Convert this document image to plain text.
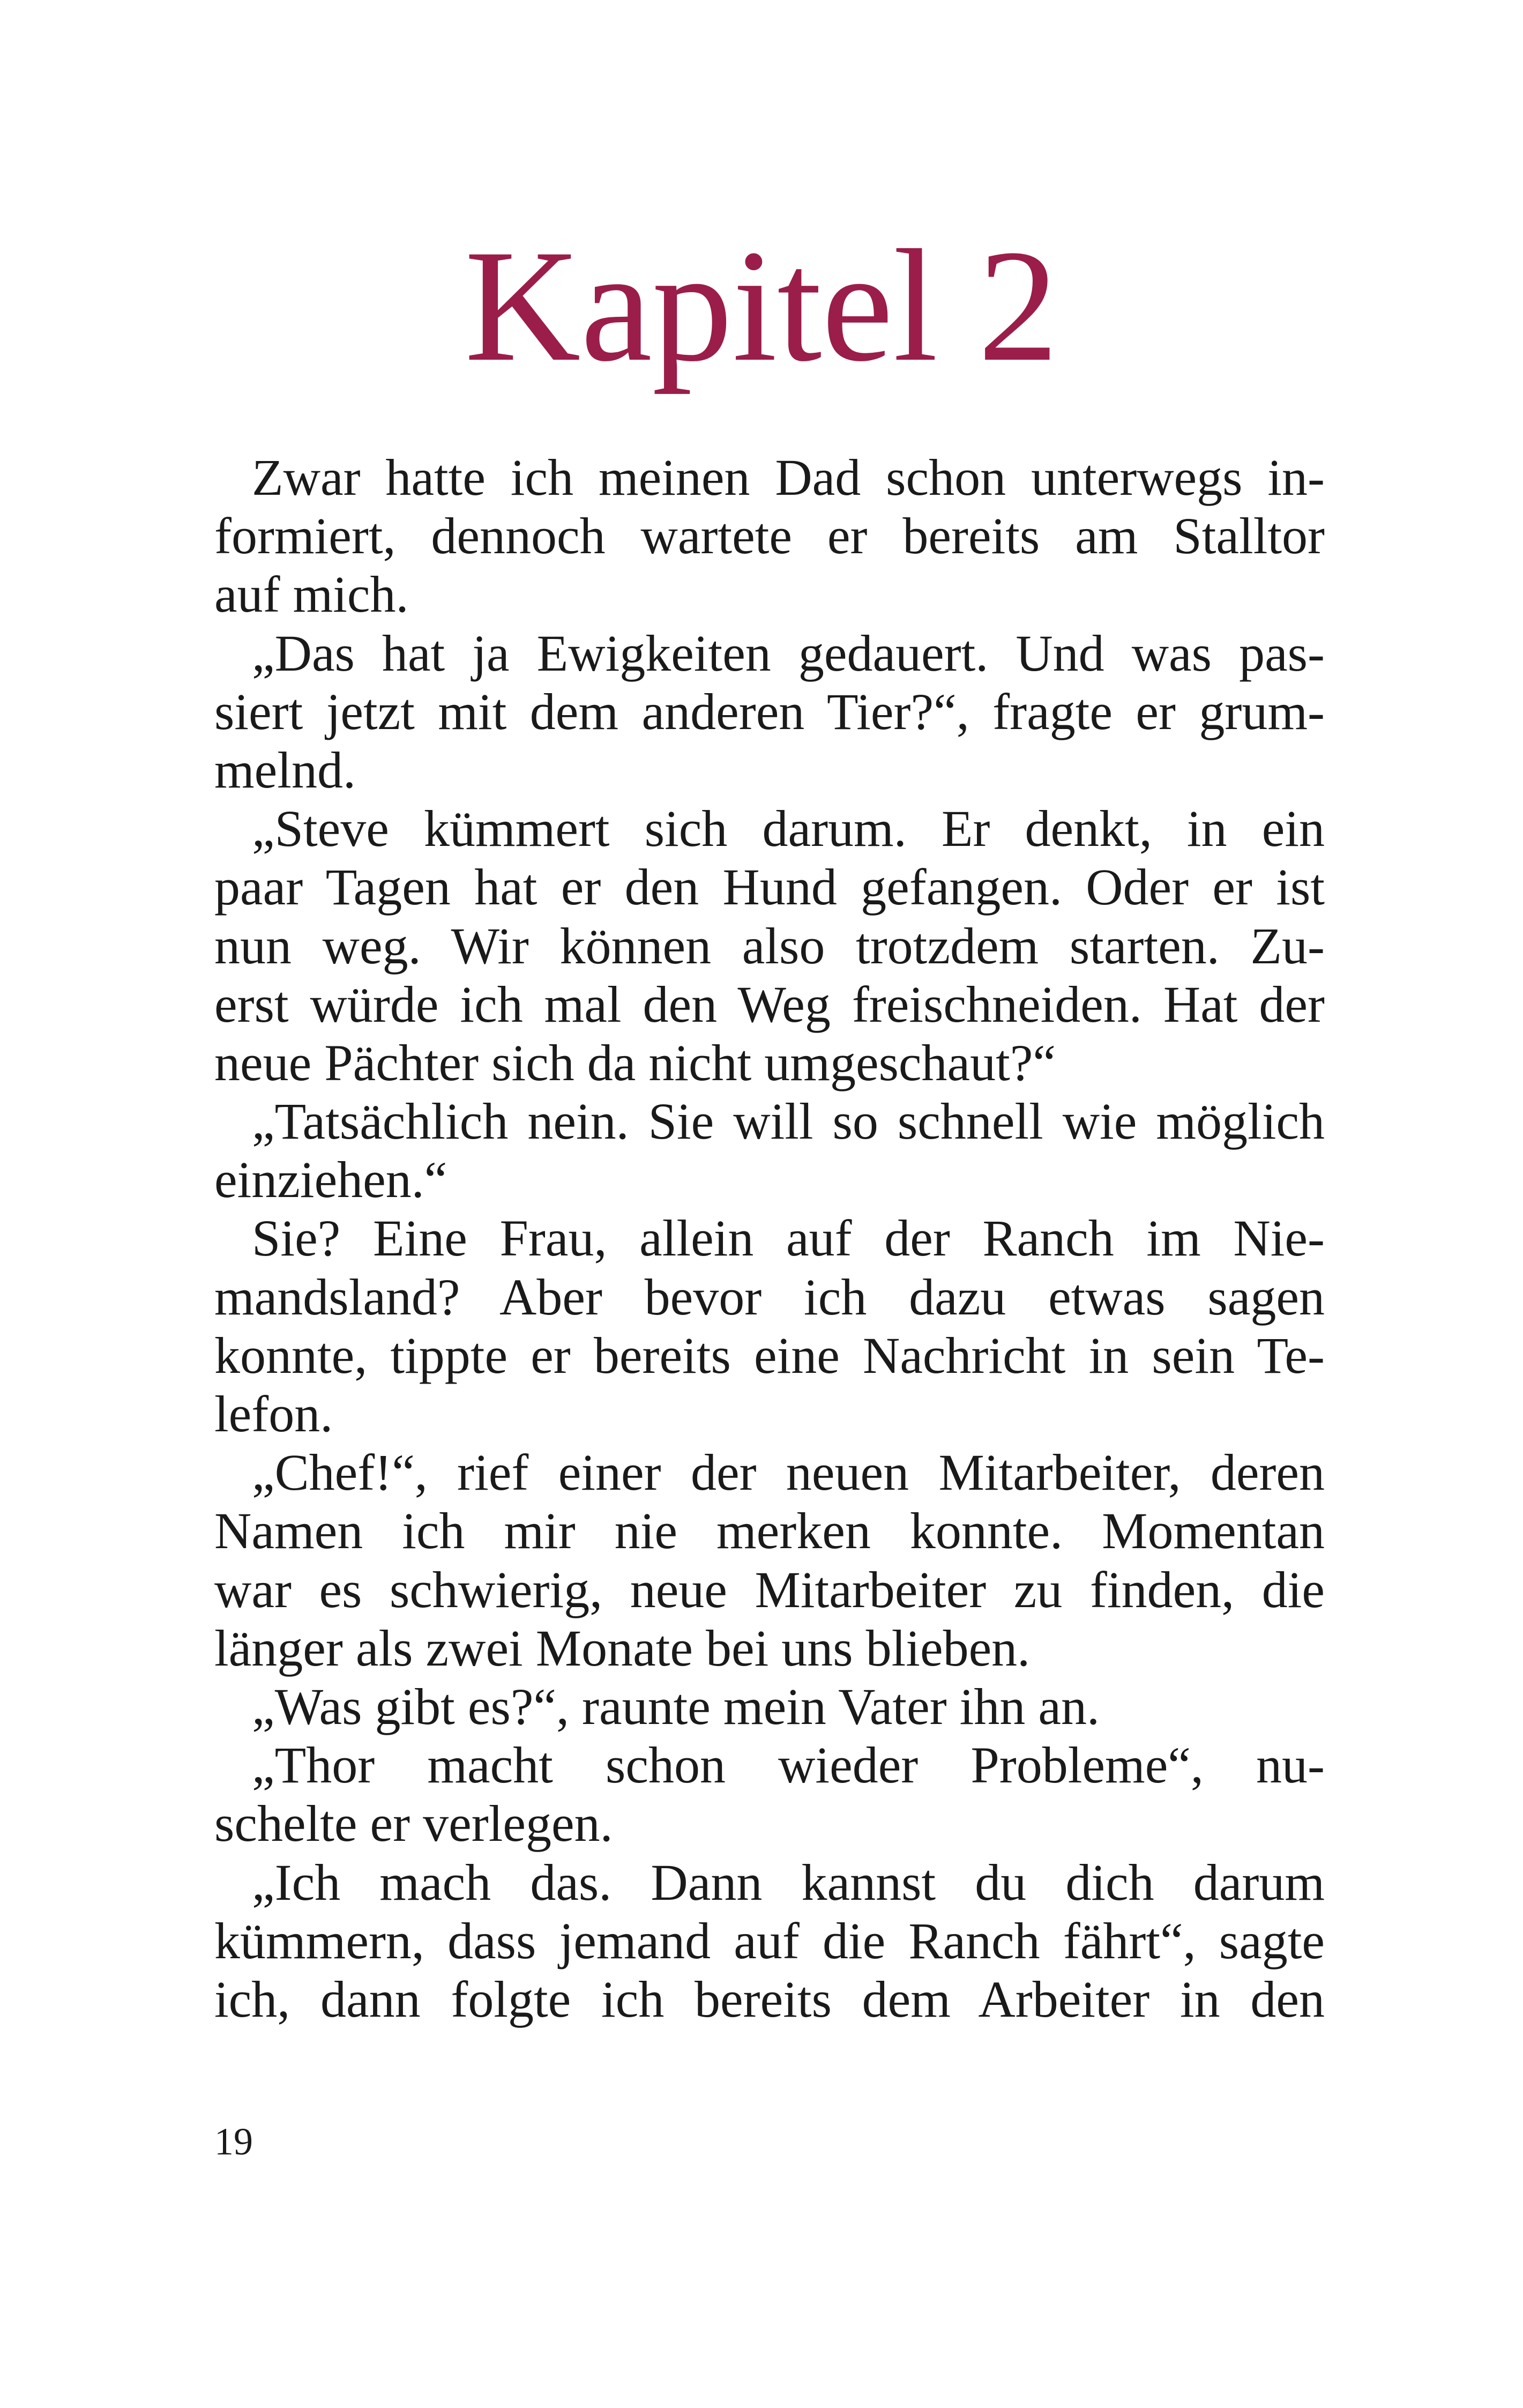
Kapitel 2
Zwar hatte ich meinen Dad schon unterwegs in-
formiert, dennoch wartete er bereits am Stalltor
auf mich.
„Das hat ja Ewigkeiten gedauert. Und was pas-
siert jetzt mit dem anderen Tier?“, fragte er grum-
melnd.
„Steve kümmert sich darum. Er denkt, in ein
paar Tagen hat er den Hund gefangen. Oder er ist
nun weg. Wir können also trotzdem starten. Zu-
erst würde ich mal den Weg freischneiden. Hat der
neue Pächter sich da nicht umgeschaut?“
„Tatsächlich nein. Sie will so schnell wie möglich
einziehen.“
Sie? Eine Frau, allein auf der Ranch im Nie-
mandsland? Aber bevor ich dazu etwas sagen
konnte, tippte er bereits eine Nachricht in sein Te-
lefon.
„Chef!“, rief einer der neuen Mitarbeiter, deren
Namen ich mir nie merken konnte. Momentan
war es schwierig, neue Mitarbeiter zu finden, die
länger als zwei Monate bei uns blieben.
„Was gibt es?“, raunte mein Vater ihn an.
„Thor macht schon wieder Probleme“, nu-
schelte er verlegen.
„Ich mach das. Dann kannst du dich darum
kümmern, dass jemand auf die Ranch fährt“, sagte
ich, dann folgte ich bereits dem Arbeiter in den

19
